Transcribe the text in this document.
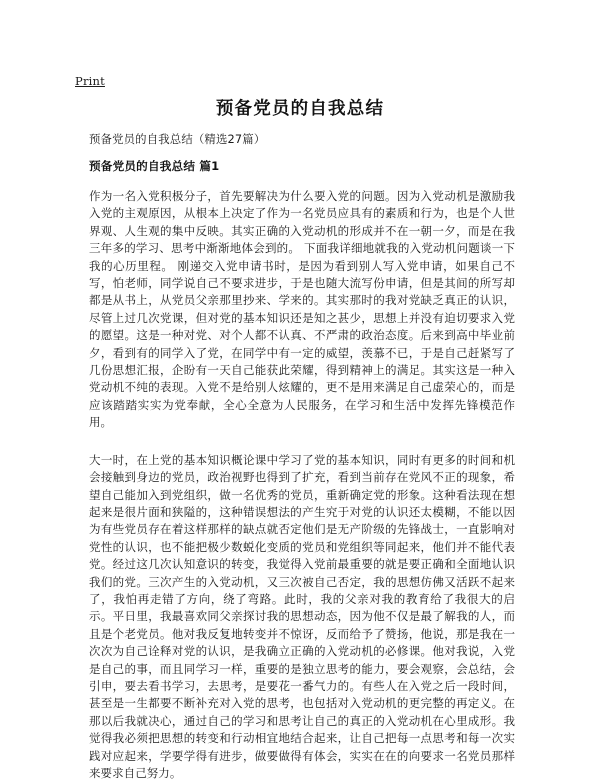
Print
预备党员的自我总结
预备党员的自我总结（精选27篇）
预备党员的自我总结 篇1

作为一名入党积极分子，首先要解决为什么要入党的问题。因为入党动机是激励我入党的主观原因，从根本上决定了作为一名党员应具有的素质和行为，也是个人世界观、人生观的集中反映。其实正确的入党动机的形成并不在一朝一夕，而是在我三年多的学习、思考中渐渐地体会到的。 下面我详细地就我的入党动机问题谈一下我的心历里程。 刚递交入党申请书时，是因为看到别人写入党申请，如果自己不写，怕老师，同学说自己不要求进步，于是也随大流写份申请，但是其间的所写却都是从书上，从党员父亲那里抄来、学来的。其实那时的我对党缺乏真正的认识，尽管上过几次党课，但对党的基本知识还是知之甚少，思想上并没有迫切要求入党的愿望。这是一种对党、对个人都不认真、不严肃的政治态度。后来到高中毕业前夕，看到有的同学入了党，在同学中有一定的威望，羡慕不已，于是自己赶紧写了几份思想汇报，企盼有一天自己能获此荣耀，得到精神上的满足。其实这是一种入党动机不纯的表现。入党不是给别人炫耀的，更不是用来满足自己虚荣心的，而是应该踏踏实实为党奉献，全心全意为人民服务，在学习和生活中发挥先锋模范作用。

大一时，在上党的基本知识概论课中学习了党的基本知识，同时有更多的时间和机会接触到身边的党员，政治视野也得到了扩充，看到当前存在党风不正的现象，希望自己能加入到党组织，做一名优秀的党员，重新确定党的形象。这种看法现在想起来是很片面和狭隘的，这种错误想法的产生究于对党的认识还太模糊，不能以因为有些党员存在着这样那样的缺点就否定他们是无产阶级的先锋战士，一直影响对党性的认识，也不能把极少数蜕化变质的党员和党组织等同起来，他们并不能代表党。经过这几次认知意识的转变，我觉得入党前最重要的就是要正确和全面地认识我们的党。三次产生的入党动机，又三次被自己否定，我的思想仿佛又活跃不起来了，我怕再走错了方向，绕了弯路。此时，我的父亲对我的教育给了我很大的启示。平日里，我最喜欢同父亲探讨我的思想动态，因为他不仅是最了解我的人，而且是个老党员。他对我反复地转变并不惊讶，反而给予了赞扬，他说，那是我在一次次为自己诠释对党的认识，是我确立正确的入党动机的必修课。他对我说，入党是自己的事，而且同学习一样，重要的是独立思考的能力，要会观察，会总结，会引申，要去看书学习，去思考，是要花一番气力的。有些人在入党之后一段时间，甚至是一生都要不断补充对入党的思考，也包括对入党动机的更完整的再定义。在那以后我就决心，通过自己的学习和思考让自己的真正的入党动机在心里成形。我觉得我必须把思想的转变和行动相宜地结合起来，让自己把每一点思考和每一次实践对应起来，学要学得有进步，做要做得有体会，实实在在的向要求一名党员那样来要求自己努力。
